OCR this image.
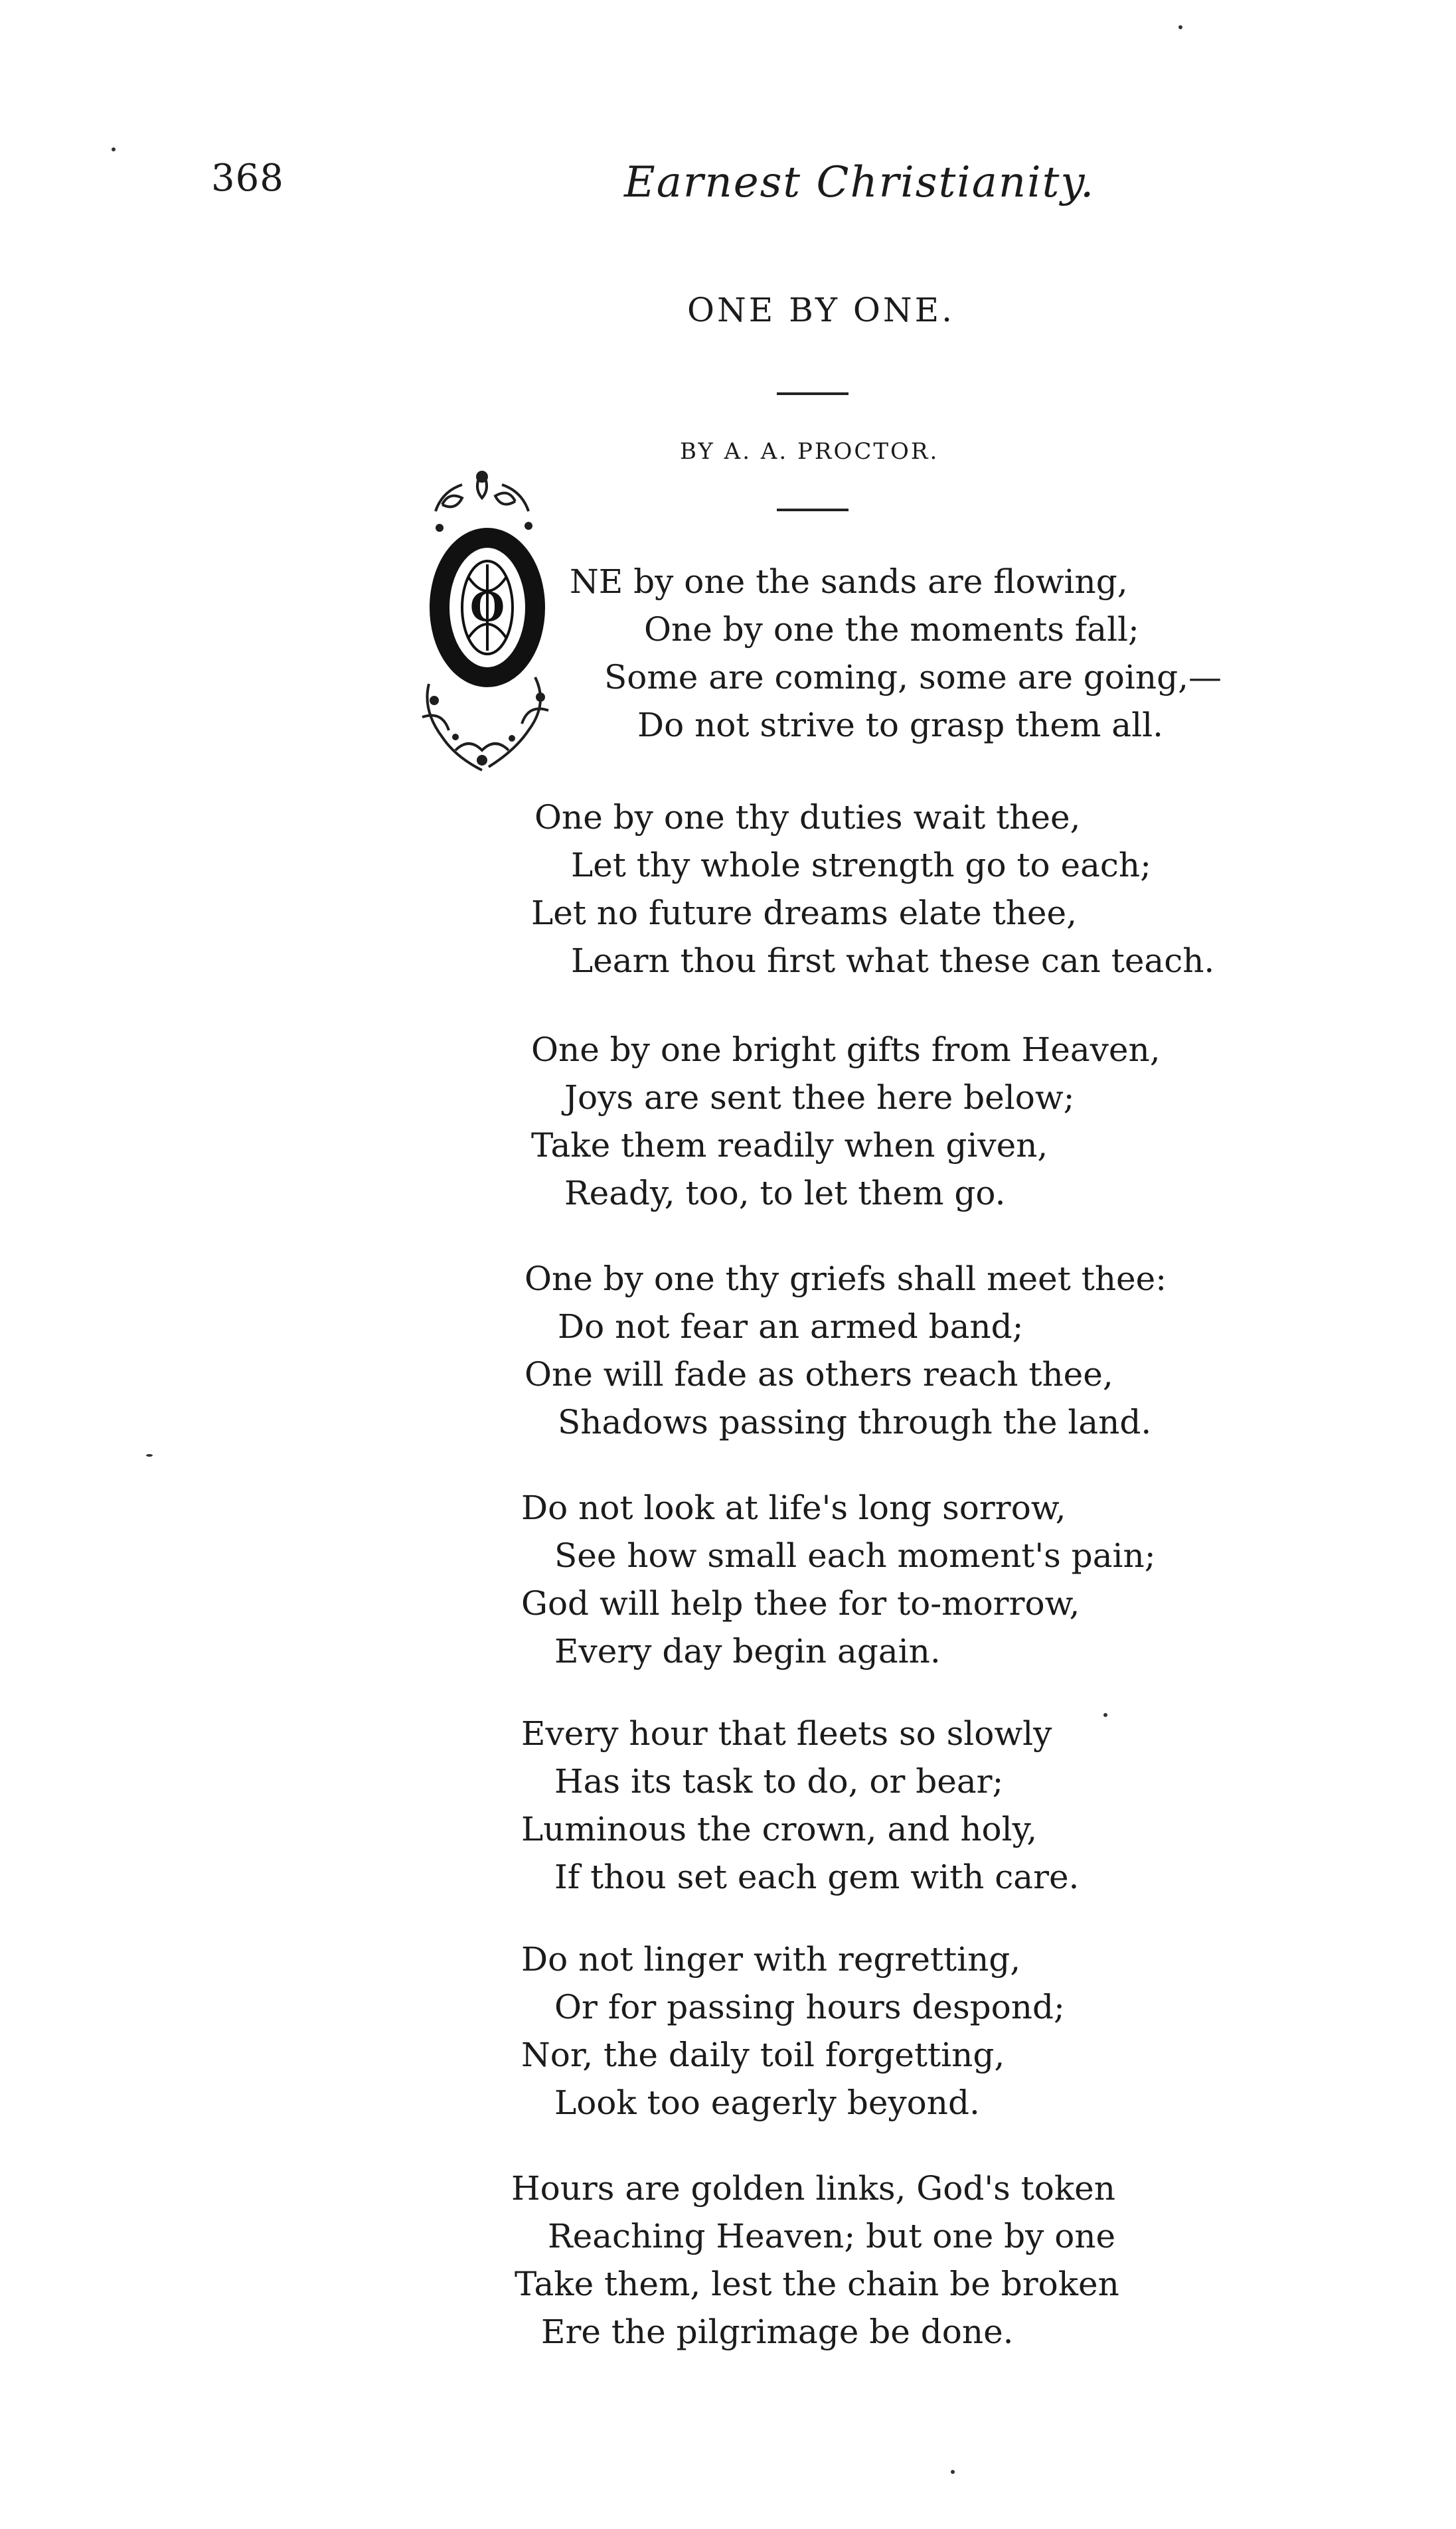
368	Earnest Christianity.
ONE BY ONE.
BY A. A. PROCTOR.
O
NE by one the sands are flowing,
One by one the moments fall;
Some are coming, some are going,—
Do not strive to grasp them all.
One by one thy duties wait thee,
Let thy whole strength go to each;
Let no future dreams elate thee,
Learn thou first what these can teach.
One by one bright gifts from Heaven,
Joys are sent thee here below;
Take them readily when given,
Ready, too, to let them go.
One by one thy griefs shall meet thee:
Do not fear an armed band;
One will fade as others reach thee,
Shadows passing through the land.
Do not look at life's long sorrow,
See how small each moment's pain;
God will help thee for to-morrow,
Every day begin again.
Every hour that fleets so slowly
Has its task to do, or bear;
Luminous the crown, and holy,
If thou set each gem with care.
Do not linger with regretting,
Or for passing hours despond;
Nor, the daily toil forgetting,
Look too eagerly beyond.
Hours are golden links, God's token
Reaching Heaven; but one by one
Take them, lest the chain be broken
Ere the pilgrimage be done.
